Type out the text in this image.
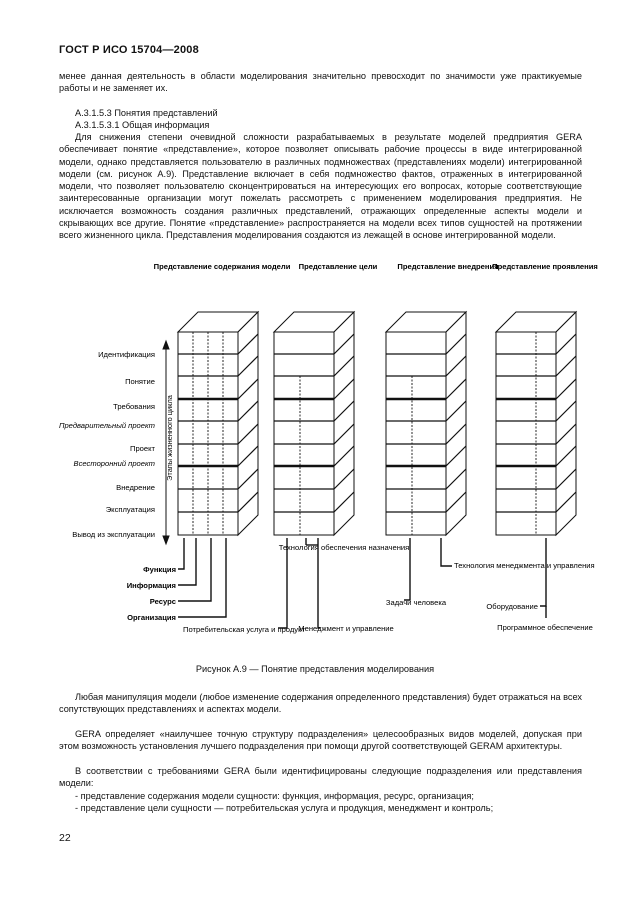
ГОСТ Р ИСО 15704—2008

менее данная деятельность в области моделирования значительно превосходит по значимости уже практикуемые работы и не заменяет их.

А.3.1.5.3 Понятия представлений

А.3.1.5.3.1 Общая информация

Для снижения степени очевидной сложности разрабатываемых в результате моделей предприятия GERA обеспечивает понятие «представление», которое позволяет описывать рабочие процессы в виде интегрированной модели, однако представляется пользователю в различных подмножествах (представлениях модели) интегрированной модели (см. рисунок А.9). Представление включает в себя подмножество фактов, отраженных в интегрированной модели, что позволяет пользователю сконцентрироваться на интересующих его вопросах, которые соответствующие заинтересованные организации могут пожелать рассмотреть с применением моделирования предприятия. Не исключается возможность создания различных представлений, отражающих определенные аспекты модели и скрывающих все другие. Понятие «представление» распространяется на модели всех типов сущностей на протяжении всего жизненного цикла. Представления моделирования создаются из лежащей в основе интегрированной модели.

Представление содержания модели Представление цели	Представление внедрения
Представление проявления
Идентификация
Понятие
Требования
Предварительный проект
Проект
Всесторонний проект
Внедрение
Эксплуатация
Вывод из эксплуатации
Этапы жизненного цикла
Функция
Информация
Ресурс
Организация
Потребительская услуга и продукт
Технология обеспечения назначения
Менеджмент и управление
Технология менеджмента и управления
Задачи человека	Оборудование
Программное обеспечение
Рисунок А.9 — Понятие представления моделирования

Любая манипуляция модели (любое изменение содержания определенного представления) будет отражаться на всех сопутствующих представлениях и аспектах модели.

GERA определяет «наилучшее точную структуру подразделения» целесообразных видов моделей, допуская при этом возможность установления лучшего подразделения при помощи другой соответствующей GERAM архитектуры.

В соответствии с требованиями GERA были идентифицированы следующие подразделения или представления модели:

- представление содержания модели сущности: функция, информация, ресурс, организация;
- представление цели сущности — потребительская услуга и продукция, менеджмент и контроль;
22
